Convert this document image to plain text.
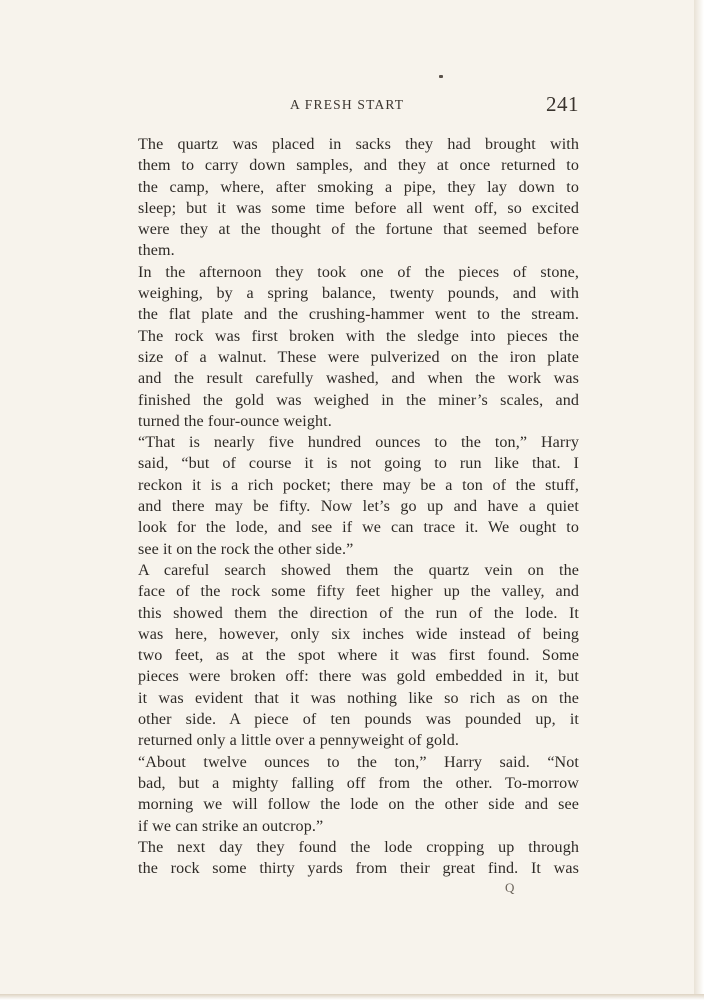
A FRESH START	241
The quartz was placed in sacks they had brought with
them to carry down samples, and they at once returned to
the camp, where, after smoking a pipe, they lay down to
sleep; but it was some time before all went off, so excited
were they at the thought of the fortune that seemed before
them.
In the afternoon they took one of the pieces of stone,
weighing, by a spring balance, twenty pounds, and with
the flat plate and the crushing-hammer went to the stream.
The rock was first broken with the sledge into pieces the
size of a walnut. These were pulverized on the iron plate
and the result carefully washed, and when the work was
finished the gold was weighed in the miner’s scales, and
turned the four-ounce weight.
“That is nearly five hundred ounces to the ton,” Harry
said, “but of course it is not going to run like that. I
reckon it is a rich pocket; there may be a ton of the stuff,
and there may be fifty. Now let’s go up and have a quiet
look for the lode, and see if we can trace it. We ought to
see it on the rock the other side.”
A careful search showed them the quartz vein on the
face of the rock some fifty feet higher up the valley, and
this showed them the direction of the run of the lode. It
was here, however, only six inches wide instead of being
two feet, as at the spot where it was first found. Some
pieces were broken off: there was gold embedded in it, but
it was evident that it was nothing like so rich as on the
other side. A piece of ten pounds was pounded up, it
returned only a little over a pennyweight of gold.
“About twelve ounces to the ton,” Harry said. “Not
bad, but a mighty falling off from the other. To-morrow
morning we will follow the lode on the other side and see
if we can strike an outcrop.”
The next day they found the lode cropping up through
the rock some thirty yards from their great find. It was
Q
